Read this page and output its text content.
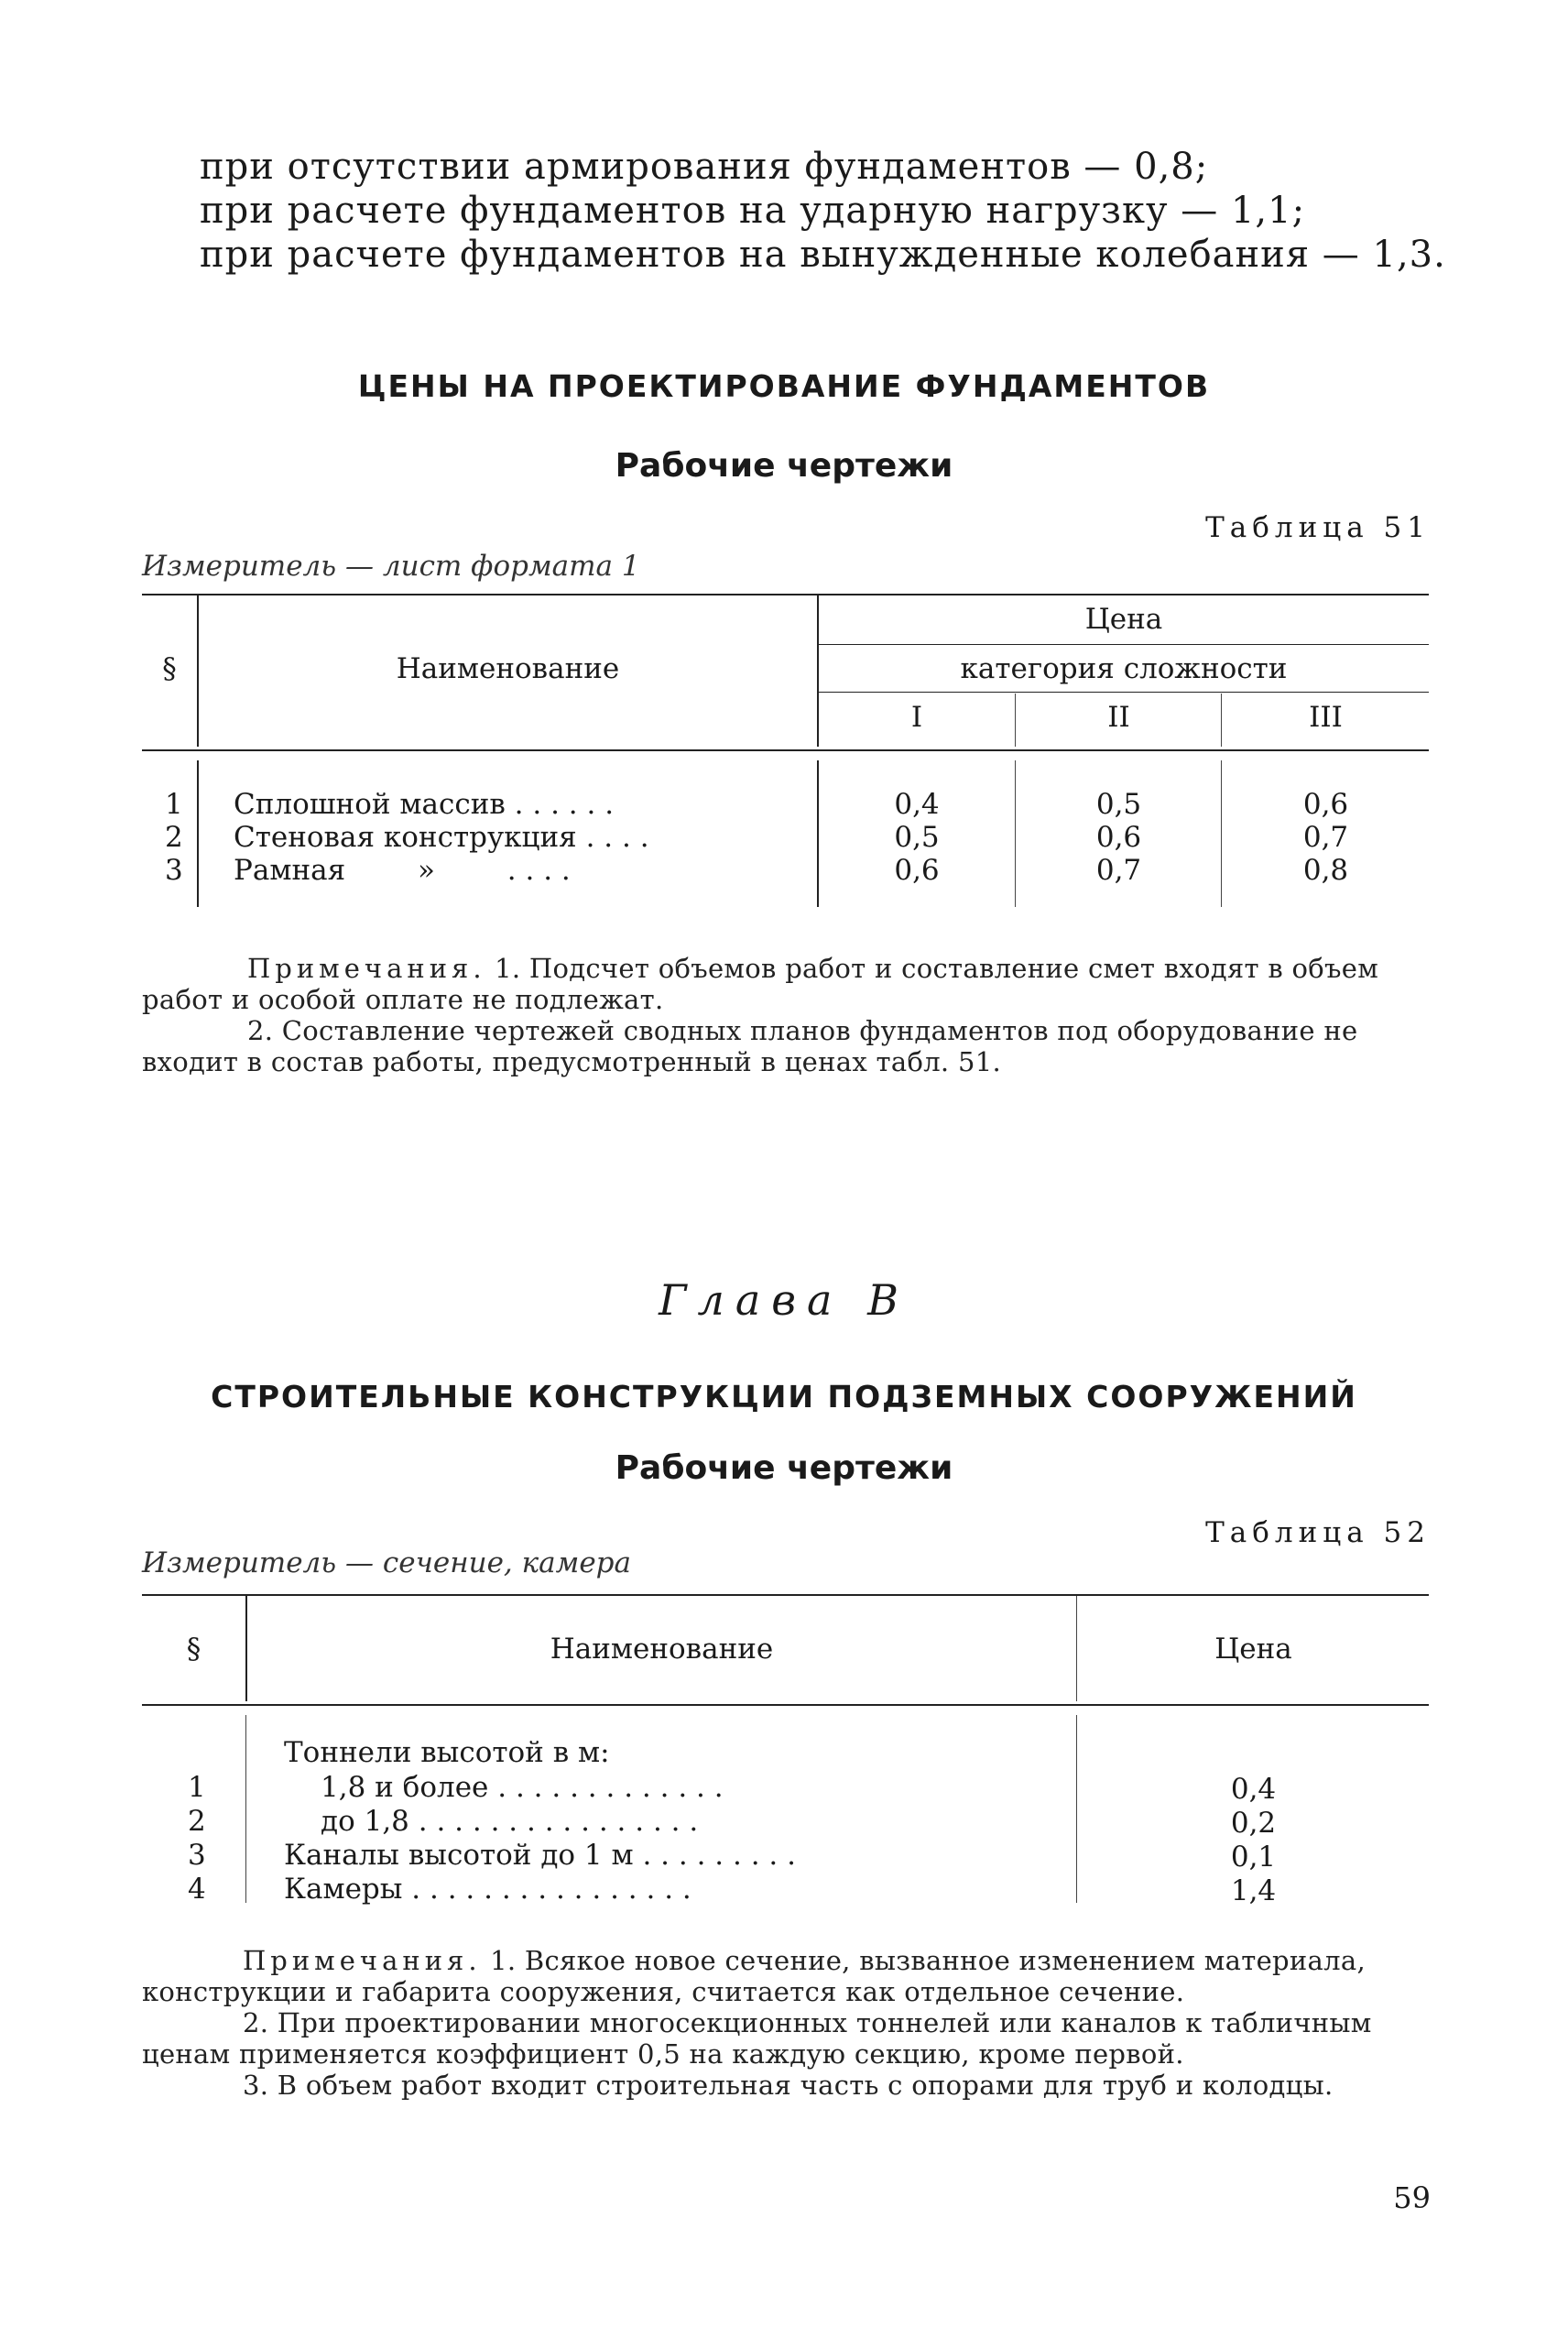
при отсутствии армирования фундаментов — 0,8;
при расчете фундаментов на ударную нагрузку — 1,1;
при расчете фундаментов на вынужденные колебания — 1,3.
ЦЕНЫ НА ПРОЕКТИРОВАНИЕ ФУНДАМЕНТОВ
Рабочие чертежи
Таблица 51
Измеритель — лист формата 1
§	Наименование
Цена
категория сложности
I	II	III
1 Сплошной массив . . . . . .	0,4	0,5	0,6
2 Стеновая конструкция . . . .	0,5	0,6	0,7
3 Рамная        »        . . . .	0,6	0,7	0,8

Примечания. 1. Подсчет объемов работ и составление смет входят в объем работ и особой оплате не подлежат.

2. Составление чертежей сводных планов фундаментов под оборудование не входит в состав работы, предусмотренный в ценах табл. 51.

Глава В
СТРОИТЕЛЬНЫЕ КОНСТРУКЦИИ ПОДЗЕМНЫХ СООРУЖЕНИЙ
Рабочие чертежи
Таблица 52
Измеритель — сечение, камера
§	Наименование	Цена
Тоннели высотой в м:
1	1,8 и более . . . . . . . . . . . . .	0,4
2	до 1,8 . . . . . . . . . . . . . . . .	0,2
3	Каналы высотой до 1 м . . . . . . . . .	0,1
4	Камеры . . . . . . . . . . . . . . . .	1,4

Примечания. 1. Всякое новое сечение, вызванное изменением материала, конструкции и габарита сооружения, считается как отдельное сечение.

2. При проектировании многосекционных тоннелей или каналов к табличным ценам применяется коэффициент 0,5 на каждую секцию, кроме первой.

3. В объем работ входит строительная часть с опорами для труб и колодцы.

59
